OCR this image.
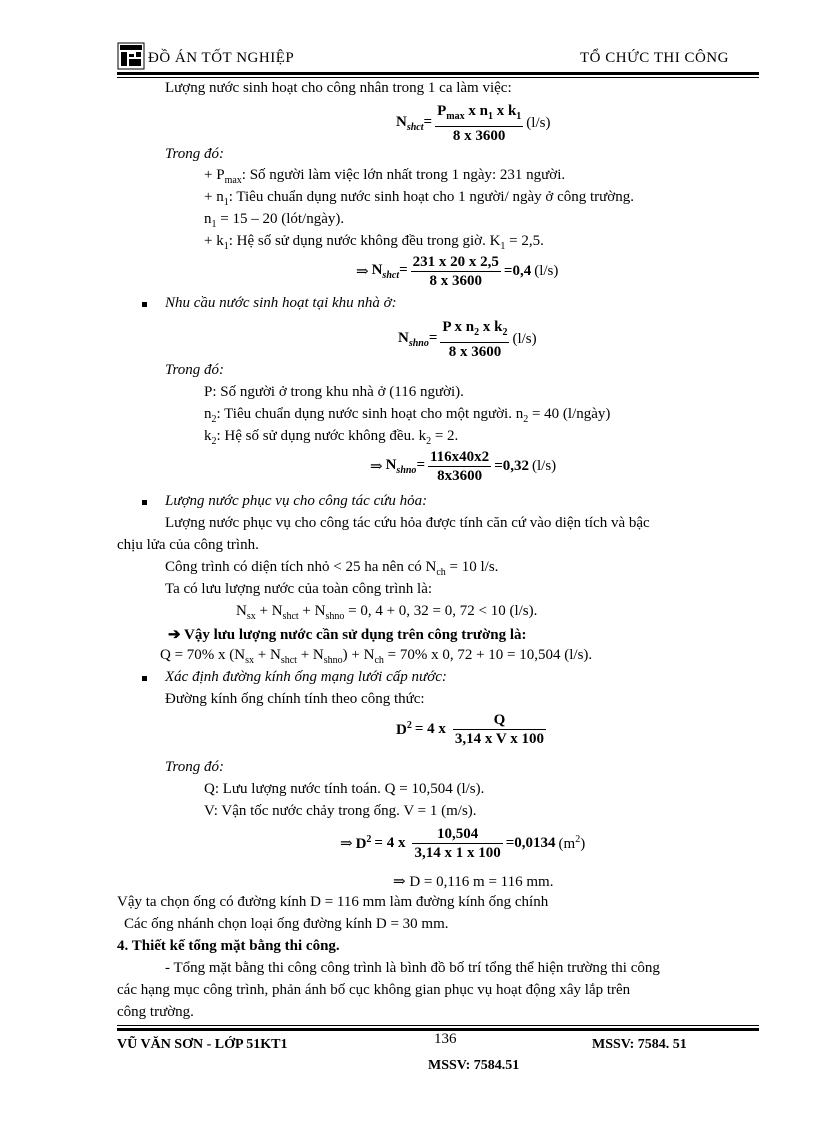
ĐỒ ÁN TỐT NGHIỆP	TỔ CHỨC THI CÔNG
Lượng nước sinh hoạt cho công nhân trong 1 ca làm việc:
$N_{shct}= \frac{P_{max} x n_1 x k_1}{8 x 3600} (l/s)$
Trong đó:
+ $P_{max}$: Số người làm việc lớn nhất trong 1 ngày: 231 người.
+ $n_1$: Tiêu chuẩn dụng nước sinh hoạt cho 1 người/ ngày ở công trường.
$n_1 = 15 - 20$ (lót/ngày).
+ $k_1$: Hệ số sử dụng nước không đều trong giờ. $K_1 = 2,5$.
⇒ $N_{shct}= \frac{231 x 20 x 2,5}{8 x 3600} =0,4$ (l/s)
Nhu cầu nước sinh hoạt tại khu nhà ở:
$N_{shno}= \frac{P x n_2 x k_2}{8 x 3600} (l/s)$
Trong đó:
P: Số người ở trong khu nhà ở (116 người).
$n_2$: Tiêu chuẩn dụng nước sinh hoạt cho một người. $n_2 = 40$ (l/ngày)
$k_2$: Hệ số sử dụng nước không đều. $k_2 = 2$.
⇒ $N_{shno}= \frac{116x40x2}{8x3600} =0,32$ (l/s)
Lượng nước phục vụ cho công tác cứu hỏa:
Lượng nước phục vụ cho công tác cứu hỏa được tính căn cứ vào diện tích và bậc
chịu lửa của công trình.
Công trình có diện tích nhỏ < 25 ha nên có $N_{ch} = 10$ l/s.
Ta có lưu lượng nước của toàn công trình là:
$N_{sx} + N_{shct} + N_{shno} = 0$, 4 + 0, 32 = 0, 72 < 10 (l/s).
➔ Vậy lưu lượng nước cần sử dụng trên công trường là:
Q = 70% x $(N_{sx} + N_{shct} + N_{shno}) + N_{ch} = 70\%$ x 0, 72 + 10 = 10,504 (l/s).
Xác định đường kính ống mạng lưới cấp nước:
Đường kính ống chính tính theo công thức:
$D^2 = 4$ x $\frac{Q}{\text{3,14 x V x 100}}$
Trong đó:
Q: Lưu lượng nước tính toán. Q = 10,504 (l/s).
V: Vận tốc nước chảy trong ống. V = 1 (m/s).
⇒ $D^2 = 4$ x $\frac{10,504}{3,14 x 1 x 100} =0,0134$ $(m^2)$
⇒ D = 0,116 m = 116 mm.
Vậy ta chọn ống có đường kính D = 116 mm làm đường kính ống chính
Các ống nhánh chọn loại ống đường kính D = 30 mm.
4. Thiết kế tổng mặt bằng thi công.
- Tổng mặt bằng thi công công trình là bình đồ bố trí tổng thể hiện trường thi công
các hạng mục công trình, phản ánh bố cục không gian phục vụ hoạt động xây lắp trên
công trường.
VŨ VĂN SƠN - LỚP 51KT1	136	MSSV: 7584. 51
MSSV: 7584.51
